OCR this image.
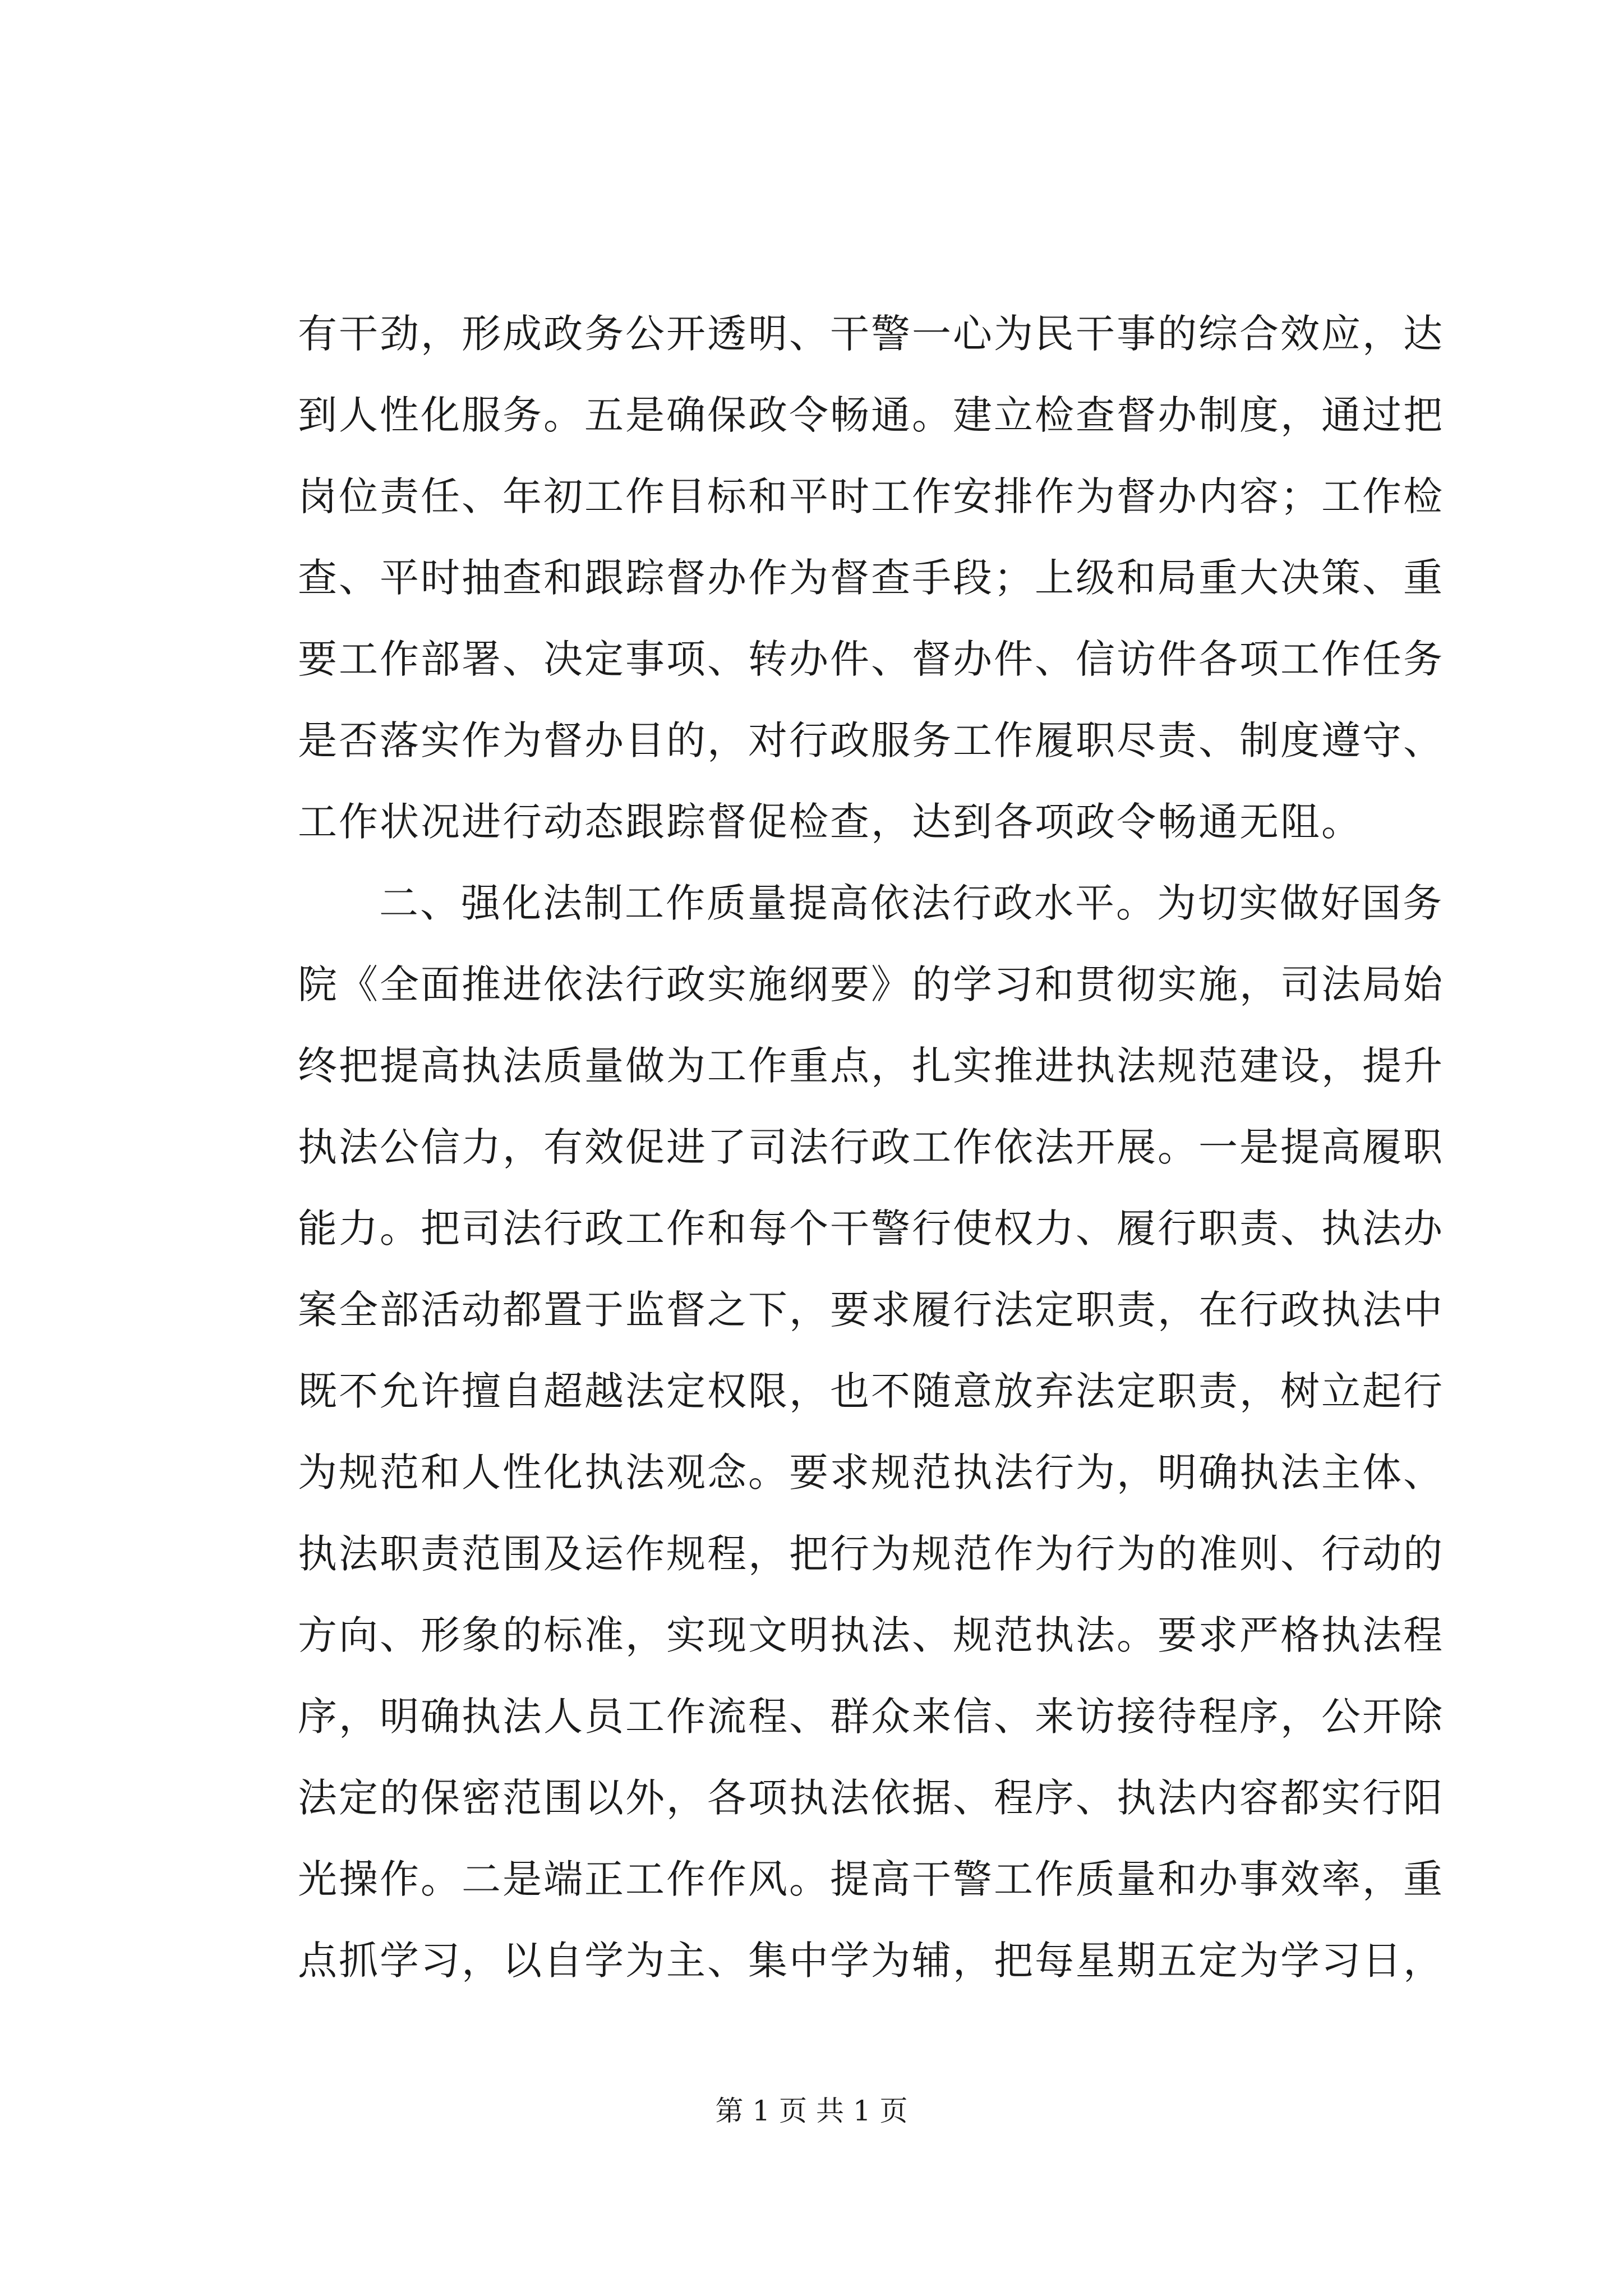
有干劲，形成政务公开透明、干警一心为民干事的综合效应，达
到人性化服务。五是确保政令畅通。建立检查督办制度，通过把
岗位责任、年初工作目标和平时工作安排作为督办内容；工作检
查、平时抽查和跟踪督办作为督查手段；上级和局重大决策、重
要工作部署、决定事项、转办件、督办件、信访件各项工作任务
是否落实作为督办目的，对行政服务工作履职尽责、制度遵守、
工作状况进行动态跟踪督促检查，达到各项政令畅通无阻。
二、强化法制工作质量提高依法行政水平。为切实做好国务
院《全面推进依法行政实施纲要》的学习和贯彻实施，司法局始
终把提高执法质量做为工作重点，扎实推进执法规范建设，提升
执法公信力，有效促进了司法行政工作依法开展。一是提高履职
能力。把司法行政工作和每个干警行使权力、履行职责、执法办
案全部活动都置于监督之下，要求履行法定职责，在行政执法中
既不允许擅自超越法定权限，也不随意放弃法定职责，树立起行
为规范和人性化执法观念。要求规范执法行为，明确执法主体、
执法职责范围及运作规程，把行为规范作为行为的准则、行动的
方向、形象的标准，实现文明执法、规范执法。要求严格执法程
序，明确执法人员工作流程、群众来信、来访接待程序，公开除
法定的保密范围以外，各项执法依据、程序、执法内容都实行阳
光操作。二是端正工作作风。提高干警工作质量和办事效率，重
点抓学习，以自学为主、集中学为辅，把每星期五定为学习日，
第 1 页 共 1 页
